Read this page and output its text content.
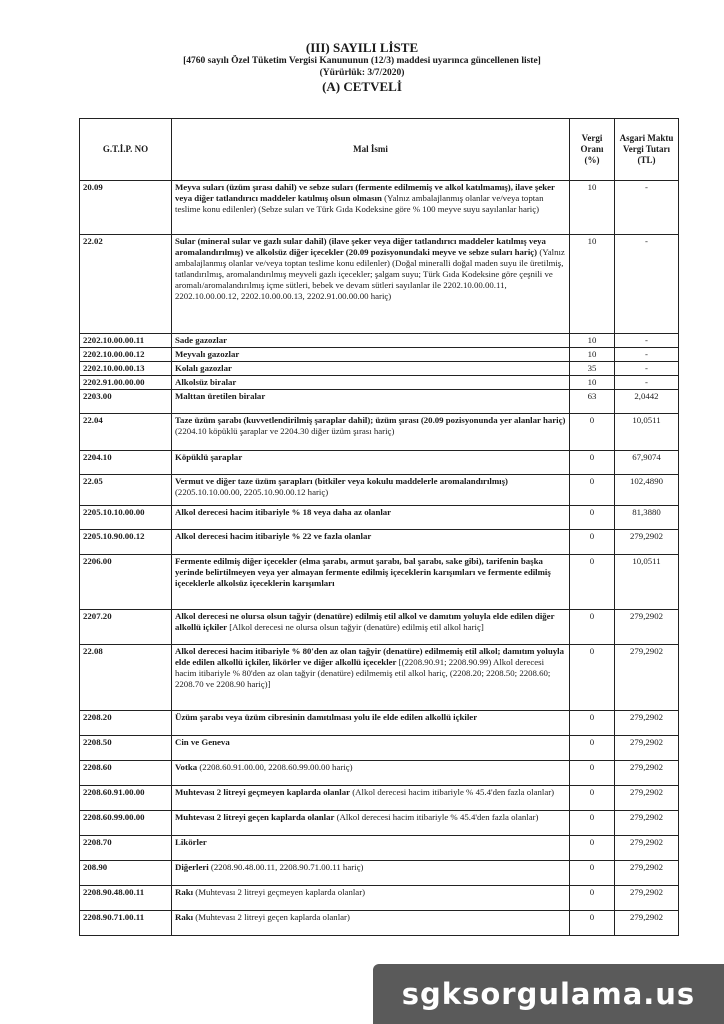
(III) SAYILI LİSTE
[4760 sayılı Özel Tüketim Vergisi Kanununun (12/3) maddesi uyarınca güncellenen liste]
(Yürürlük: 3/7/2020)
(A) CETVELİ
G.T.İ.P. NO	Mal İsmi	Vergi Oranı (%)	Asgari Maktu Vergi Tutarı (TL)
20.09	Meyva suları (üzüm şırası dahil) ve sebze suları (fermente edilmemiş ve alkol katılmamış), ilave şeker veya diğer tatlandırıcı maddeler katılmış olsun olmasın (Yalnız ambalajlanmış olanlar ve/veya toptan teslime konu edilenler) (Sebze suları ve Türk Gıda Kodeksine göre % 100 meyve suyu sayılanlar hariç)	10	-
22.02	Sular (mineral sular ve gazlı sular dahil) (ilave şeker veya diğer tatlandırıcı maddeler katılmış veya aromalandırılmış) ve alkolsüz diğer içecekler (20.09 pozisyonundaki meyve ve sebze suları hariç) (Yalnız ambalajlanmış olanlar ve/veya toptan teslime konu edilenler) (Doğal mineralli doğal maden suyu ile üretilmiş, tatlandırılmış, aromalandırılmış meyveli gazlı içecekler; şalgam suyu; Türk Gıda Kodeksine göre çeşnili ve aromalı/aromalandırılmış içme sütleri, bebek ve devam sütleri sayılanlar ile 2202.10.00.00.11, 2202.10.00.00.12, 2202.10.00.00.13, 2202.91.00.00.00 hariç)	10	-
2202.10.00.00.11	Sade gazozlar	10	-
2202.10.00.00.12	Meyvalı gazozlar	10	-
2202.10.00.00.13	Kolalı gazozlar	35	-
2202.91.00.00.00	Alkolsüz biralar	10	-
2203.00	Malttan üretilen biralar	63	2,0442
22.04	Taze üzüm şarabı (kuvvetlendirilmiş şaraplar dahil); üzüm şırası (20.09 pozisyonunda yer alanlar hariç) (2204.10 köpüklü şaraplar ve 2204.30 diğer üzüm şırası hariç)	0	10,0511
2204.10	Köpüklü şaraplar	0	67,9074
22.05	Vermut ve diğer taze üzüm şarapları (bitkiler veya kokulu maddelerle aromalandırılmış) (2205.10.10.00.00, 2205.10.90.00.12 hariç)	0	102,4890
2205.10.10.00.00	Alkol derecesi hacim itibariyle % 18 veya daha az olanlar	0	81,3880
2205.10.90.00.12	Alkol derecesi hacim itibariyle % 22 ve fazla olanlar	0	279,2902
2206.00	Fermente edilmiş diğer içecekler (elma şarabı, armut şarabı, bal şarabı, sake gibi), tarifenin başka yerinde belirtilmeyen veya yer almayan fermente edilmiş içeceklerin karışımları ve fermente edilmiş içeceklerle alkolsüz içeceklerin karışımları	0	10,0511
2207.20	Alkol derecesi ne olursa olsun tağyir (denatüre) edilmiş etil alkol ve damıtım yoluyla elde edilen diğer alkollü içkiler [Alkol derecesi ne olursa olsun tağyir (denatüre) edilmiş etil alkol hariç]	0	279,2902
22.08	Alkol derecesi hacim itibariyle % 80'den az olan tağyir (denatüre) edilmemiş etil alkol; damıtım yoluyla elde edilen alkollü içkiler, likörler ve diğer alkollü içecekler [(2208.90.91; 2208.90.99) Alkol derecesi hacim itibariyle % 80'den az olan tağyir (denatüre) edilmemiş etil alkol hariç, (2208.20; 2208.50; 2208.60; 2208.70 ve 2208.90 hariç)]	0	279,2902
2208.20	Üzüm şarabı veya üzüm cibresinin damıtılması yolu ile elde edilen alkollü içkiler	0	279,2902
2208.50	Cin ve Geneva	0	279,2902
2208.60	Votka (2208.60.91.00.00, 2208.60.99.00.00 hariç)	0	279,2902
2208.60.91.00.00	Muhtevası 2 litreyi geçmeyen kaplarda olanlar (Alkol derecesi hacim itibariyle % 45.4'den fazla olanlar)	0	279,2902
2208.60.99.00.00	Muhtevası 2 litreyi geçen kaplarda olanlar (Alkol derecesi hacim itibariyle % 45.4'den fazla olanlar)	0	279,2902
2208.70	Likörler	0	279,2902
208.90	Diğerleri (2208.90.48.00.11, 2208.90.71.00.11 hariç)	0	279,2902
2208.90.48.00.11	Rakı (Muhtevası 2 litreyi geçmeyen kaplarda olanlar)	0	279,2902
2208.90.71.00.11	Rakı (Muhtevası 2 litreyi geçen kaplarda olanlar)	0	279,2902
sgksorgulama.us
